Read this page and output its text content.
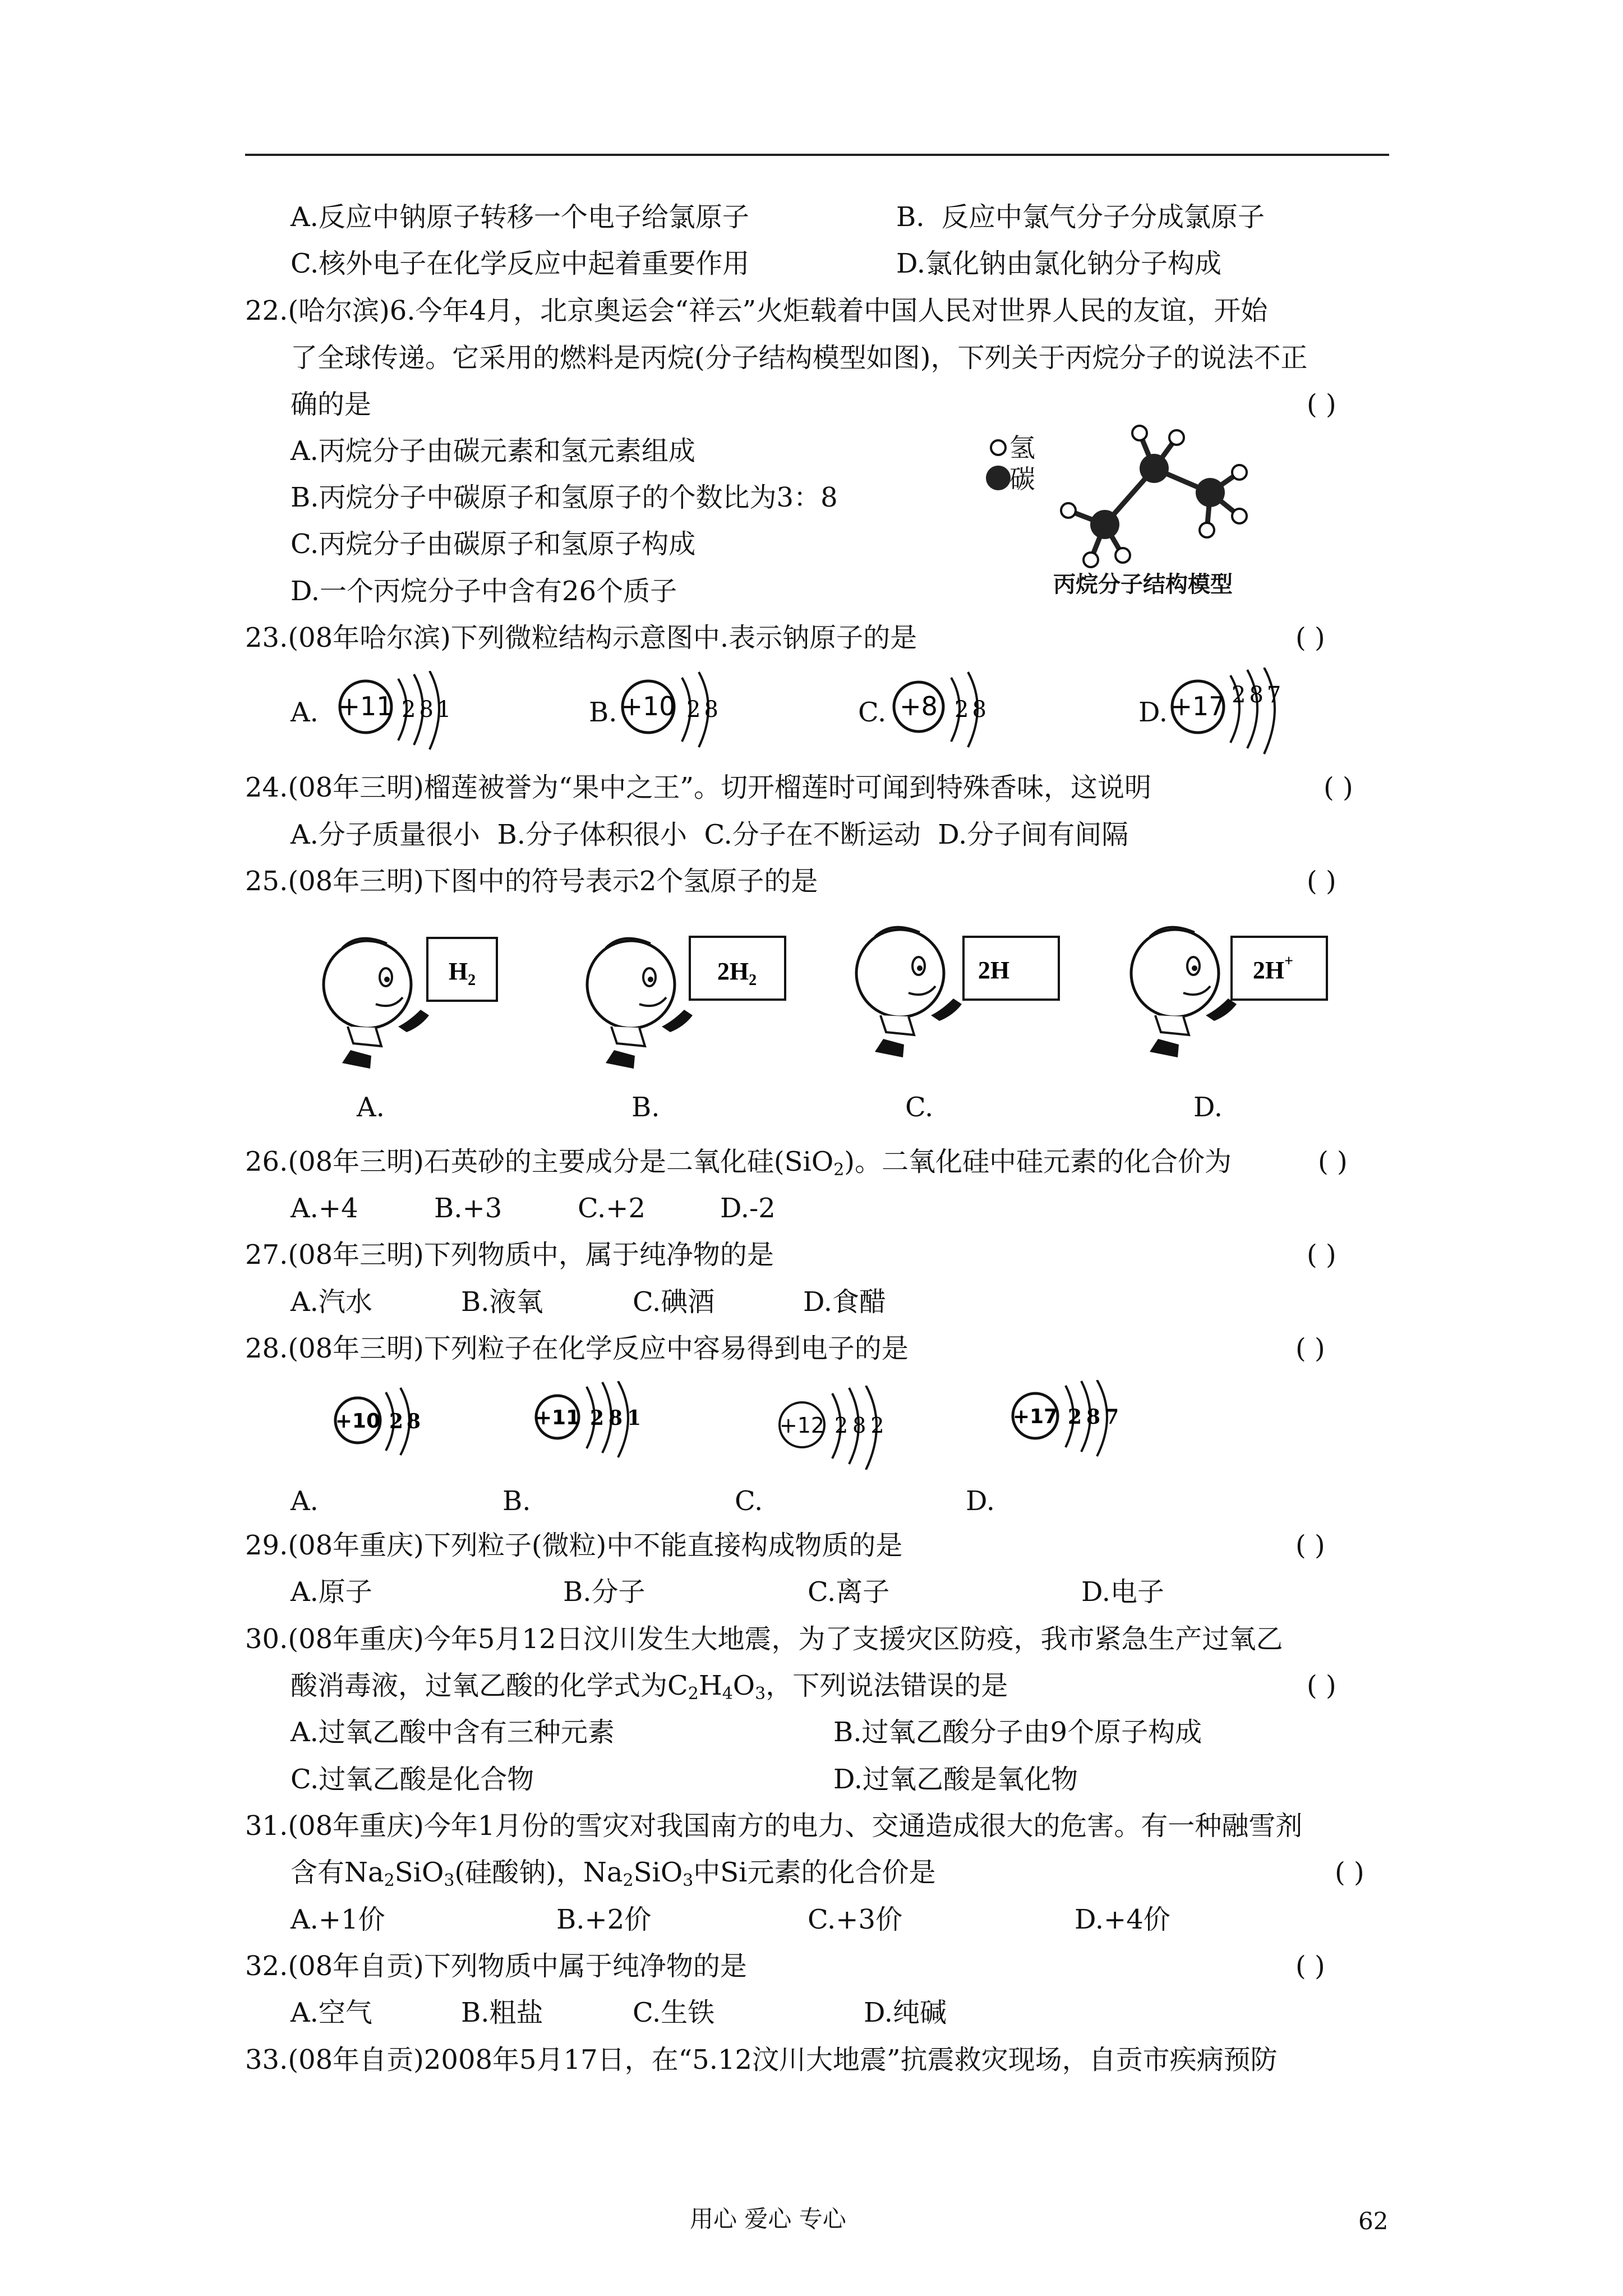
A.反应中钠原子转移一个电子给氯原子	B.  反应中氯气分子分成氯原子
C.核外电子在化学反应中起着重要作用	D.氯化钠由氯化钠分子构成
22.(哈尔滨)6.今年4月，北京奥运会“祥云”火炬载着中国人民对世界人民的友谊，开始
了全球传递。它采用的燃料是丙烷(分子结构模型如图)，下列关于丙烷分子的说法不正
确的是	( )
A.丙烷分子由碳元素和氢元素组成
B.丙烷分子中碳原子和氢原子的个数比为3：8
C.丙烷分子由碳原子和氢原子构成
D.一个丙烷分子中含有26个质子
氢
碳
丙烷分子结构模型
23.(08年哈尔滨)下列微粒结构示意图中.表示钠原子的是	( )
A. +11 281	B. +10 28	C. +8 28	D. +17 287
24.(08年三明)榴莲被誉为“果中之王”。切开榴莲时可闻到特殊香味，这说明	( )
A.分子质量很小  B.分子体积很小  C.分子在不断运动  D.分子间有间隔
25.(08年三明)下图中的符号表示2个氢原子的是	( )
$H_2$	$2H_2$	2H	2H+
A.	B.	C.	D.
26.(08年三明)石英砂的主要成分是二氧化硅(SiO$_2$)。二氧化硅中硅元素的化合价为	( )
A.+4	B.+3	C.+2	D.-2
27.(08年三明)下列物质中，属于纯净物的是	( )
A.汽水	B.液氧	C.碘酒	D.食醋
28.(08年三明)下列粒子在化学反应中容易得到电子的是	( )
+10 28	+11 281	+12 282	+17 287
A.	B.	C.	D.
29.(08年重庆)下列粒子(微粒)中不能直接构成物质的是	( )
A.原子	B.分子	C.离子	D.电子
30.(08年重庆)今年5月12日汶川发生大地震，为了支援灾区防疫，我市紧急生产过氧乙
酸消毒液，过氧乙酸的化学式为$C_2H_4O_3$，下列说法错误的是	( )
A.过氧乙酸中含有三种元素	B.过氧乙酸分子由9个原子构成
C.过氧乙酸是化合物	D.过氧乙酸是氧化物
31.(08年重庆)今年1月份的雪灾对我国南方的电力、交通造成很大的危害。有一种融雪剂
含有$Na_2SiO_3$(硅酸钠)，$Na_2SiO_3$中Si元素的化合价是	( )
A.+1价	B.+2价	C.+3价	D.+4价
32.(08年自贡)下列物质中属于纯净物的是	( )
A.空气	B.粗盐	C.生铁	D.纯碱
33.(08年自贡)2008年5月17日，在“5.12汶川大地震”抗震救灾现场，自贡市疾病预防
用心 爱心 专心	62
